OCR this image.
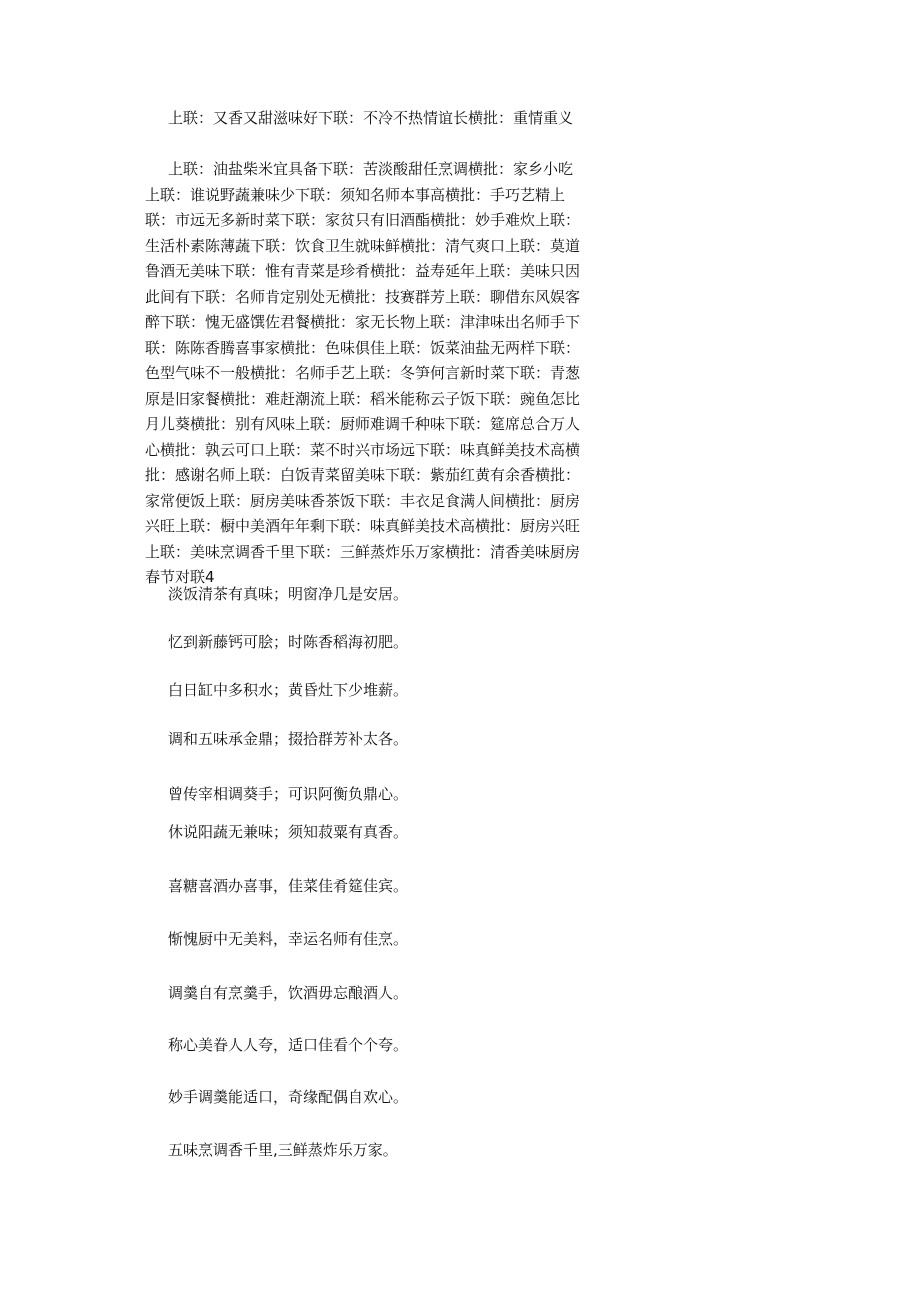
上联：又香又甜滋味好下联：不冷不热情谊长横批：重情重义

上联：油盐柴米宜具备下联：苦淡酸甜任烹调横批：家乡小吃上联：谁说野蔬兼味少下联：须知名师本事高横批：手巧艺精上联：市远无多新时菜下联：家贫只有旧酒酯横批：妙手难炊上联：生活朴素陈薄蔬下联：饮食卫生就味鲜横批：清气爽口上联：莫道鲁酒无美味下联：惟有青菜是珍肴横批：益寿延年上联：美味只因此间有下联：名师肯定别处无横批：技赛群芳上联：聊借东风娱客醉下联：愧无盛馔佐君餐横批：家无长物上联：津津味出名师手下联：陈陈香腾喜事家横批：色味俱佳上联：饭菜油盐无两样下联：色型气味不一般横批：名师手艺上联：冬笋何言新时菜下联：青葱原是旧家餐横批：难赶潮流上联：稻米能称云子饭下联：豌鱼怎比月儿葵横批：别有风味上联：厨师难调千种味下联：筵席总合万人心横批：孰云可口上联：菜不时兴市场远下联：味真鲜美技术高横批：感谢名师上联：白饭青菜留美味下联：紫茄红黄有余香横批：家常便饭上联：厨房美味香茶饭下联：丰衣足食满人间横批：厨房兴旺上联：橱中美酒年年剩下联：味真鲜美技术高横批：厨房兴旺上联：美味烹调香千里下联：三鲜蒸炸乐万家横批：清香美味厨房春节对联4

淡饭清茶有真味；明窗净几是安居。

忆到新藤钙可脍；时陈香稻海初肥。

白日缸中多积水；黄昏灶下少堆薪。

调和五味承金鼎；掇拾群芳补太各。

曾传宰相调葵手；可识阿衡负鼎心。

休说阳蔬无兼味；须知菽粟有真香。

喜糖喜酒办喜事，佳菜佳肴筵佳宾。

惭愧厨中无美料，幸运名师有佳烹。

调羹自有烹羹手，饮酒毋忘酿酒人。

称心美眷人人夸，适口佳看个个夸。

妙手调羹能适口，奇缘配偶自欢心。

五味烹调香千里,三鲜蒸炸乐万家。
